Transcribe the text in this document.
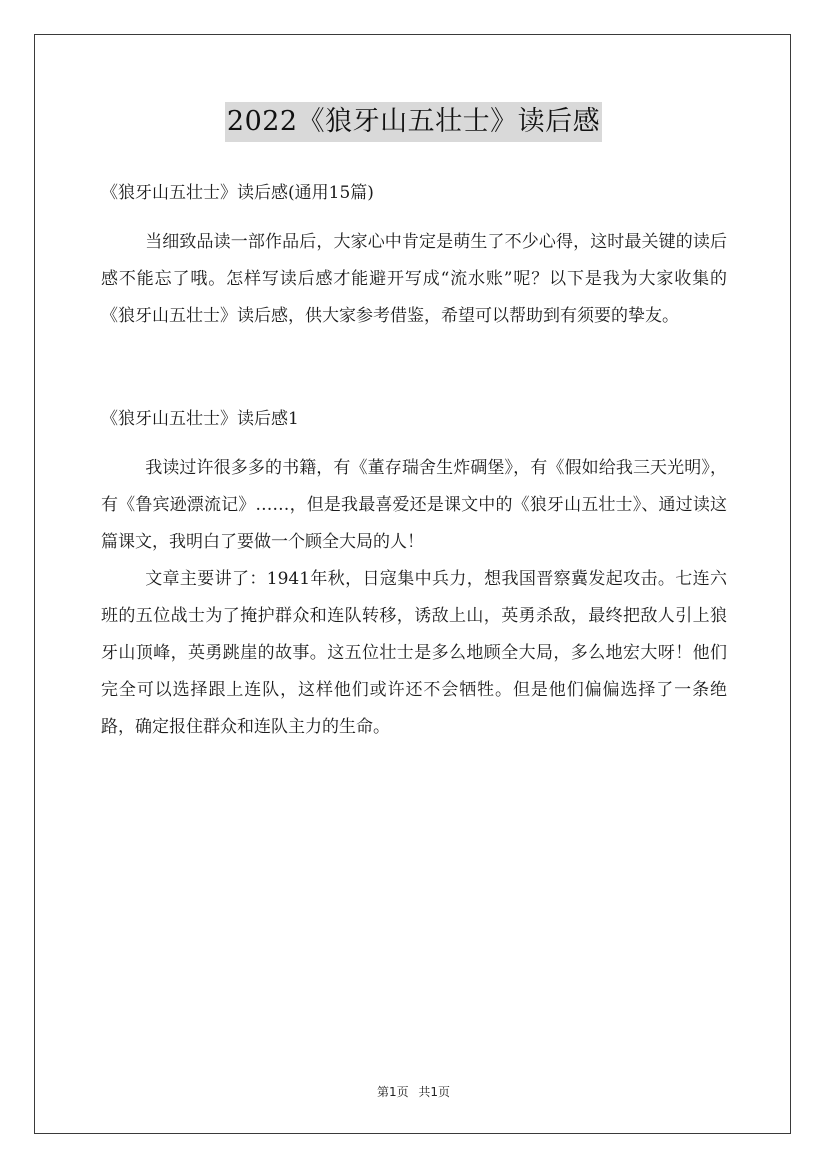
2022《狼牙山五壮士》读后感
《狼牙山五壮士》读后感(通用15篇)

当细致品读一部作品后，大家心中肯定是萌生了不少心得，这时最关键的读后感不能忘了哦。怎样写读后感才能避开写成“流水账”呢？以下是我为大家收集的《狼牙山五壮士》读后感，供大家参考借鉴，希望可以帮助到有须要的挚友。

《狼牙山五壮士》读后感1

我读过许很多多的书籍，有《董存瑞舍生炸碉堡》，有《假如给我三天光明》，有《鲁宾逊漂流记》……，但是我最喜爱还是课文中的《狼牙山五壮士》、通过读这篇课文，我明白了要做一个顾全大局的人！

文章主要讲了：1941年秋，日寇集中兵力，想我国晋察冀发起攻击。七连六班的五位战士为了掩护群众和连队转移，诱敌上山，英勇杀敌，最终把敌人引上狼牙山顶峰，英勇跳崖的故事。这五位壮士是多么地顾全大局，多么地宏大呀！他们完全可以选择跟上连队，这样他们或许还不会牺牲。但是他们偏偏选择了一条绝路，确定报住群众和连队主力的生命。

第1页 共1页
